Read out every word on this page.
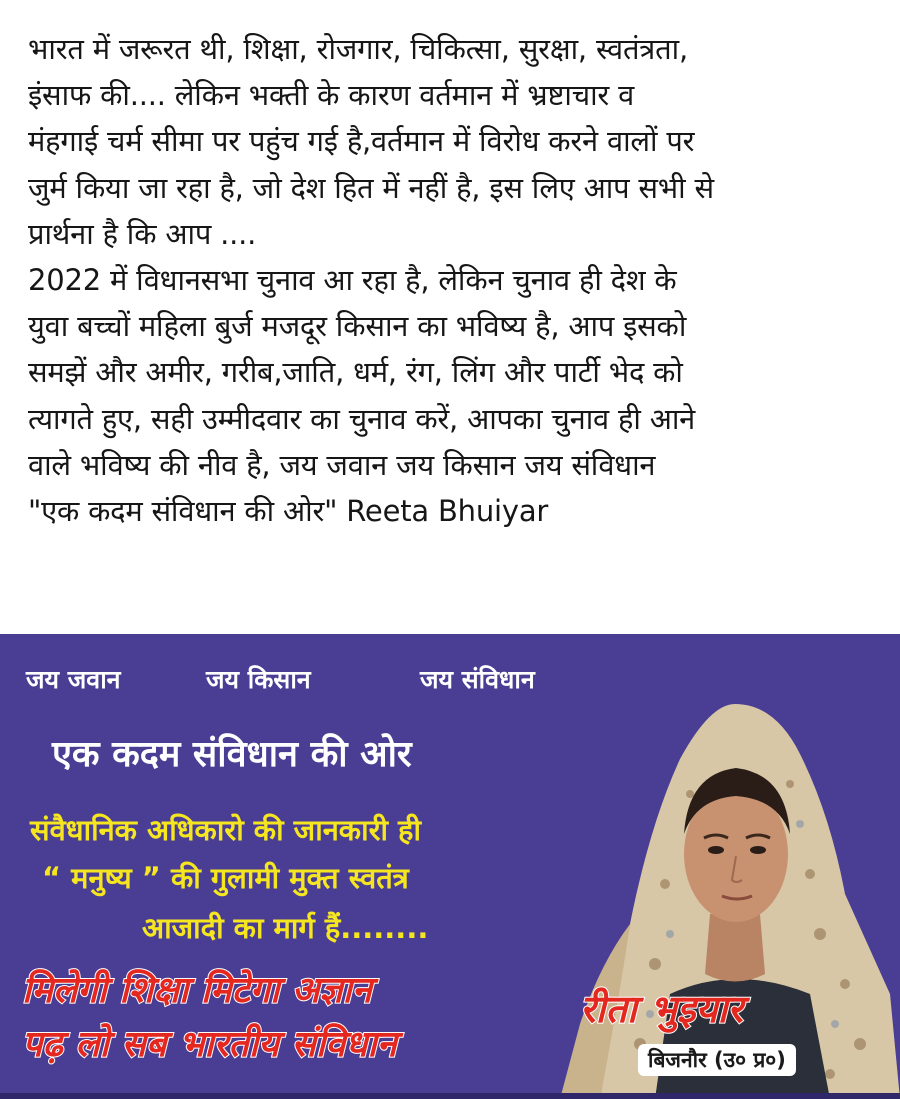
भारत में जरूरत थी, शिक्षा, रोजगार, चिकित्सा, सुरक्षा, स्वतंत्रता,
इंसाफ की.... लेकिन भक्ती के कारण वर्तमान में भ्रष्टाचार व
मंहगाई चर्म सीमा पर पहुंच गई है,वर्तमान में विरोध करने वालों पर
जुर्म किया जा रहा है, जो देश हित में नहीं है, इस लिए आप सभी से
प्रार्थना है कि आप ....
2022 में विधानसभा चुनाव आ रहा है, लेकिन चुनाव ही देश के
युवा बच्चों महिला बुर्ज मजदूर किसान का भविष्य है, आप इसको
समझें और अमीर, गरीब,जाति, धर्म, रंग, लिंग और पार्टी भेद को
त्यागते हुए, सही उम्मीदवार का चुनाव करें, आपका चुनाव ही आने
वाले भविष्य की नीव है, जय जवान जय किसान जय संविधान
"एक कदम संविधान की ओर" Reeta Bhuiyar
जय जवान	जय किसान	जय संविधान
एक कदम संविधान की ओर
संवैधानिक अधिकारो की जानकारी ही
“ मनुष्य ” की गुलामी मुक्त स्वतंत्र
आजादी का मार्ग हैं........
मिलेगी शिक्षा मिटेगा अज्ञान
पढ़ लो सब भारतीय संविधान
रीता भुइयार
बिजनौर (उ० प्र०)
